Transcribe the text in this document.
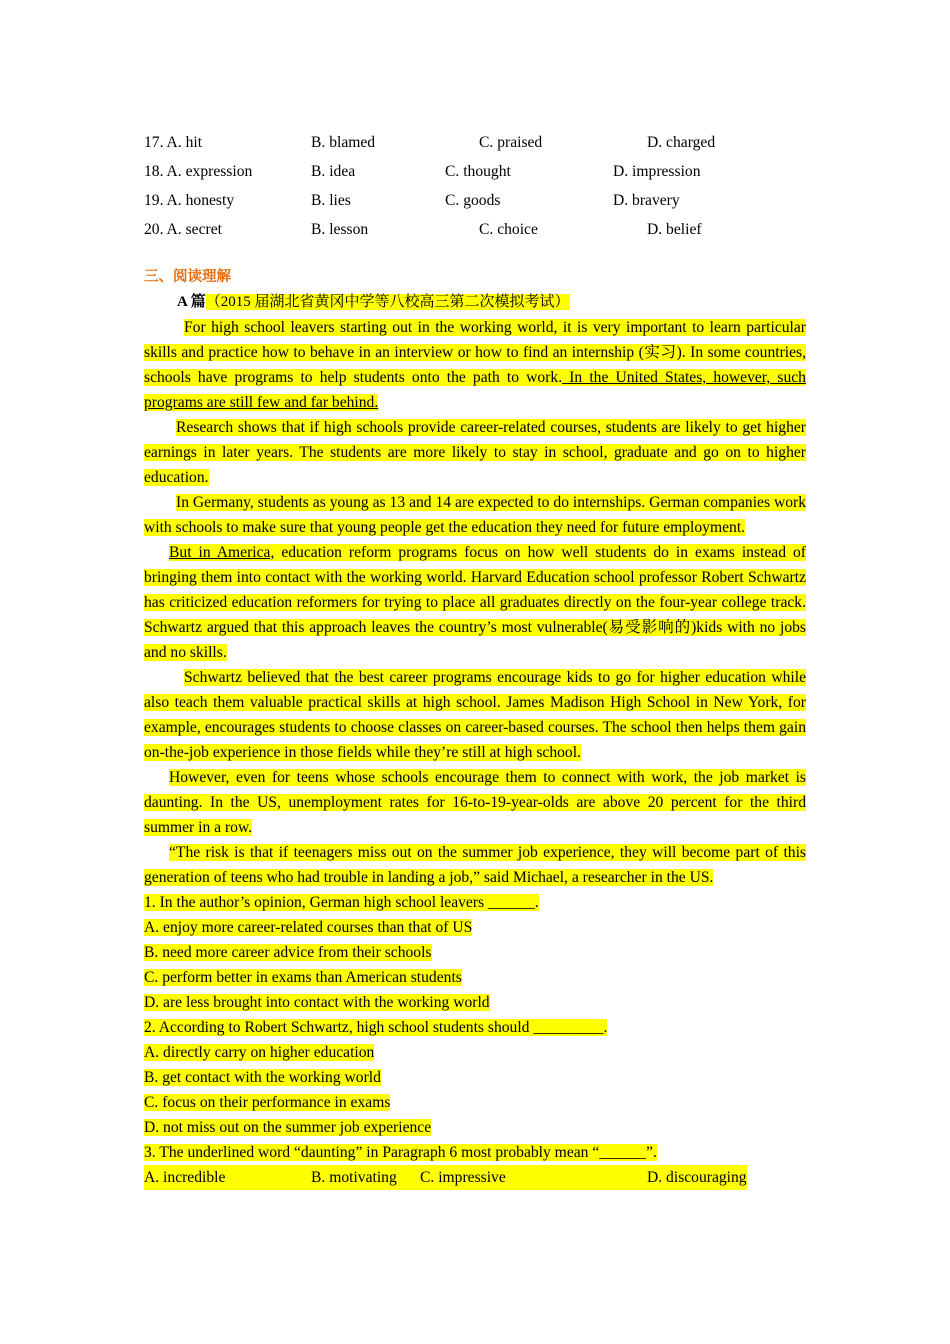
17. A. hit	B. blamed	C. praised	D. charged
18. A. expression	B. idea	C. thought	D. impression
19. A. honesty	B. lies	C. goods	D. bravery
20. A. secret	B. lesson	C. choice	D. belief
三、阅读理解
A 篇（2015 届湖北省黄冈中学等八校高三第二次模拟考试）

For high school leavers starting out in the working world, it is very important to learn particular skills and practice how to behave in an interview or how to find an internship (实习). In some countries, schools have programs to help students onto the path to work. In the United States, however, such programs are still few and far behind.

Research shows that if high schools provide career-related courses, students are likely to get higher earnings in later years. The students are more likely to stay in school, graduate and go on to higher education.

In Germany, students as young as 13 and 14 are expected to do internships. German companies work with schools to make sure that young people get the education they need for future employment.

But in America, education reform programs focus on how well students do in exams instead of bringing them into contact with the working world. Harvard Education school professor Robert Schwartz has criticized education reformers for trying to place all graduates directly on the four-year college track. Schwartz argued that this approach leaves the country’s most vulnerable(易受影响的)kids with no jobs and no skills.

Schwartz believed that the best career programs encourage kids to go for higher education while also teach them valuable practical skills at high school. James Madison High School in New York, for example, encourages students to choose classes on career-based courses. The school then helps them gain on-the-job experience in those fields while they’re still at high school.

However, even for teens whose schools encourage them to connect with work, the job market is daunting. In the US, unemployment rates for 16-to-19-year-olds are above 20 percent for the third summer in a row.

“The risk is that if teenagers miss out on the summer job experience, they will become part of this generation of teens who had trouble in landing a job,” said Michael, a researcher in the US.

1. In the author’s opinion, German high school leavers ______.

A. enjoy more career-related courses than that of US

B. need more career advice from their schools

C. perform better in exams than American students

D. are less brought into contact with the working world

2. According to Robert Schwartz, high school students should _________.

A. directly carry on higher education

B. get contact with the working world

C. focus on their performance in exams

D. not miss out on the summer job experience

3. The underlined word “daunting” in Paragraph 6 most probably mean “______”.

A. incredible	B. motivating	C. impressive	D. discouraging
